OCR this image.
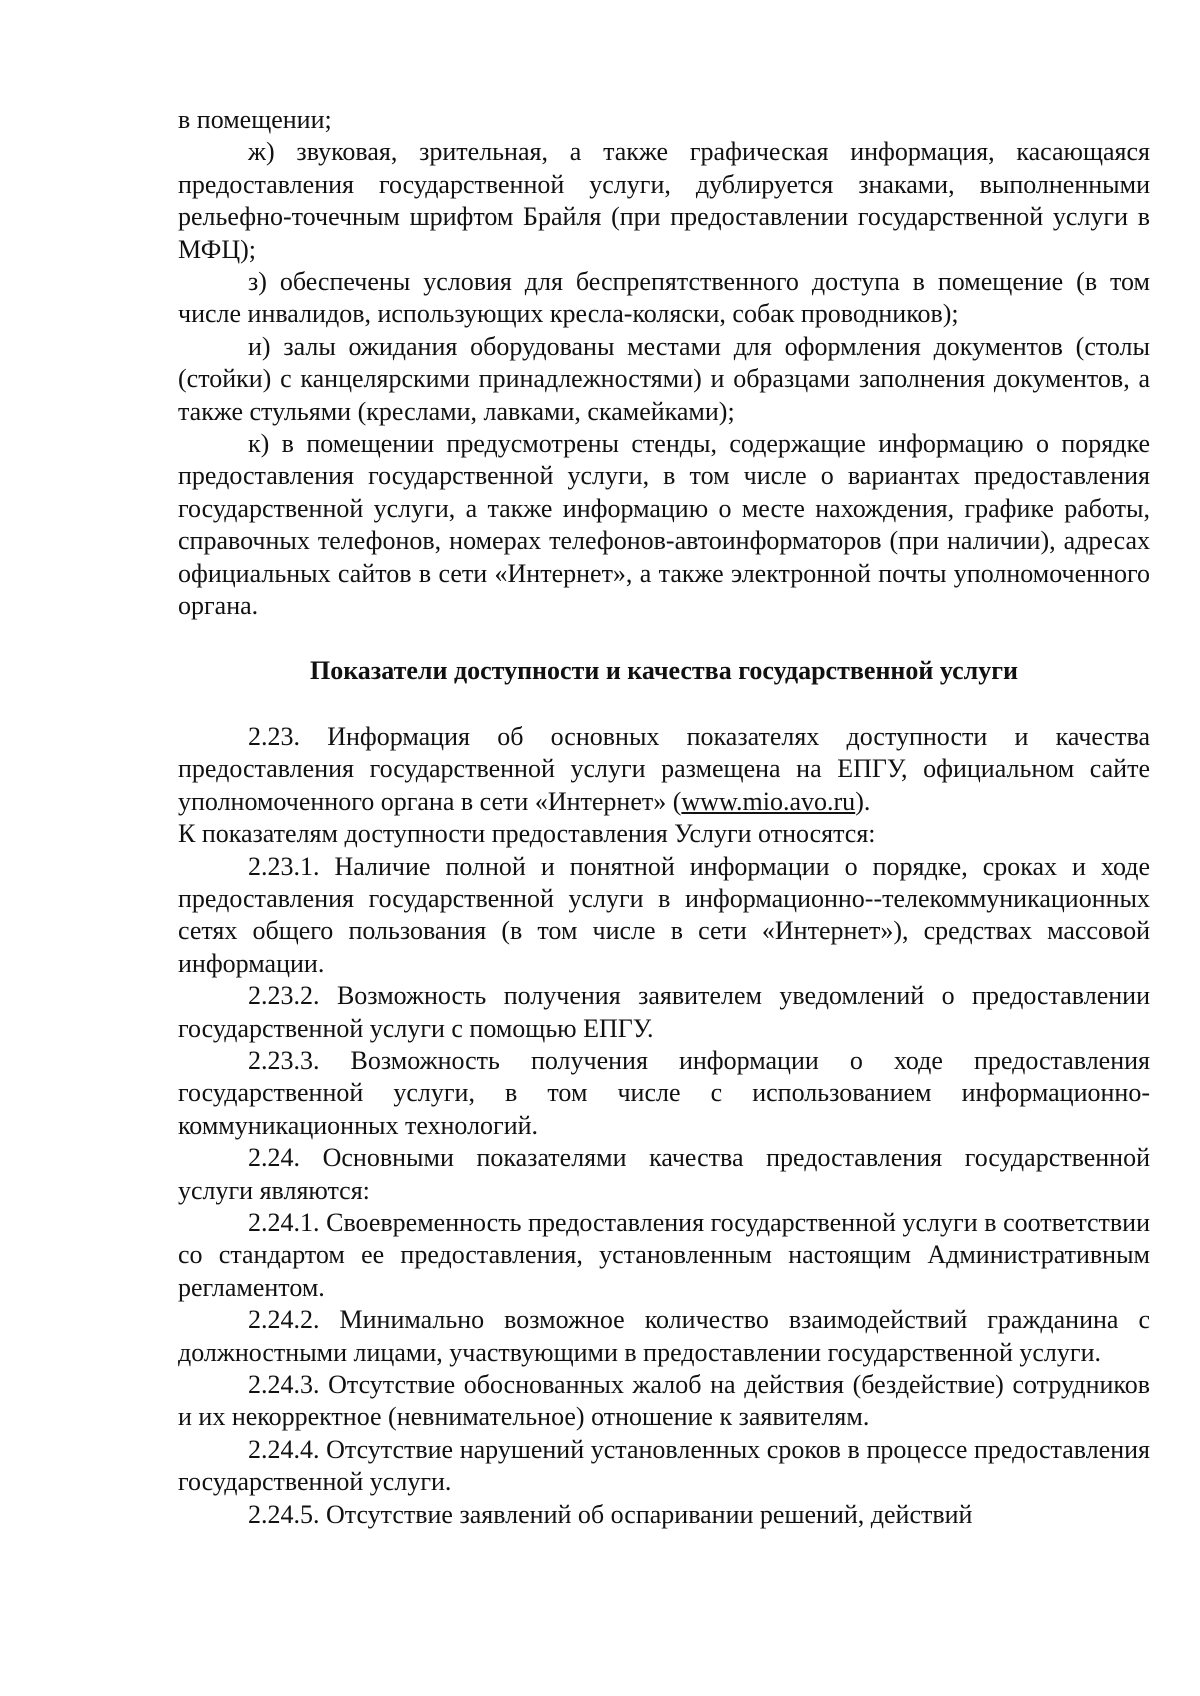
в помещении;

ж) звуковая, зрительная, а также графическая информация, касающаяся предоставления государственной услуги, дублируется знаками, выполненными рельефно-точечным шрифтом Брайля (при предоставлении государственной услуги в МФЦ);

з) обеспечены условия для беспрепятственного доступа в помещение (в том числе инвалидов, использующих кресла-коляски, собак проводников);

и) залы ожидания оборудованы местами для оформления документов (столы (стойки) с канцелярскими принадлежностями) и образцами заполнения документов, а также стульями (креслами, лавками, скамейками);

к) в помещении предусмотрены стенды, содержащие информацию о порядке предоставления государственной услуги, в том числе о вариантах предоставления государственной услуги, а также информацию о месте нахождения, графике работы, справочных телефонов, номерах телефонов-автоинформаторов (при наличии), адресах официальных сайтов в сети «Интернет», а также электронной почты уполномоченного органа.

Показатели доступности и качества государственной услуги

2.23. Информация об основных показателях доступности и качества предоставления государственной услуги размещена на ЕПГУ, официальном сайте уполномоченного органа в сети «Интернет» (www.mio.avo.ru).

К показателям доступности предоставления Услуги относятся:

2.23.1. Наличие полной и понятной информации о порядке, сроках и ходе предоставления государственной услуги в информационно--телекоммуникационных сетях общего пользования (в том числе в сети «Интернет»), средствах массовой информации.

2.23.2. Возможность получения заявителем уведомлений о предоставлении государственной услуги с помощью ЕПГУ.

2.23.3. Возможность получения информации о ходе предоставления государственной услуги, в том числе с использованием информационно-коммуникационных технологий.

2.24. Основными показателями качества предоставления государственной услуги являются:

2.24.1. Своевременность предоставления государственной услуги в соответствии со стандартом ее предоставления, установленным настоящим Административным регламентом.

2.24.2. Минимально возможное количество взаимодействий гражданина с должностными лицами, участвующими в предоставлении государственной услуги.

2.24.3. Отсутствие обоснованных жалоб на действия (бездействие) сотрудников и их некорректное (невнимательное) отношение к заявителям.

2.24.4. Отсутствие нарушений установленных сроков в процессе предоставления государственной услуги.

2.24.5. Отсутствие заявлений об оспаривании решений, действий
